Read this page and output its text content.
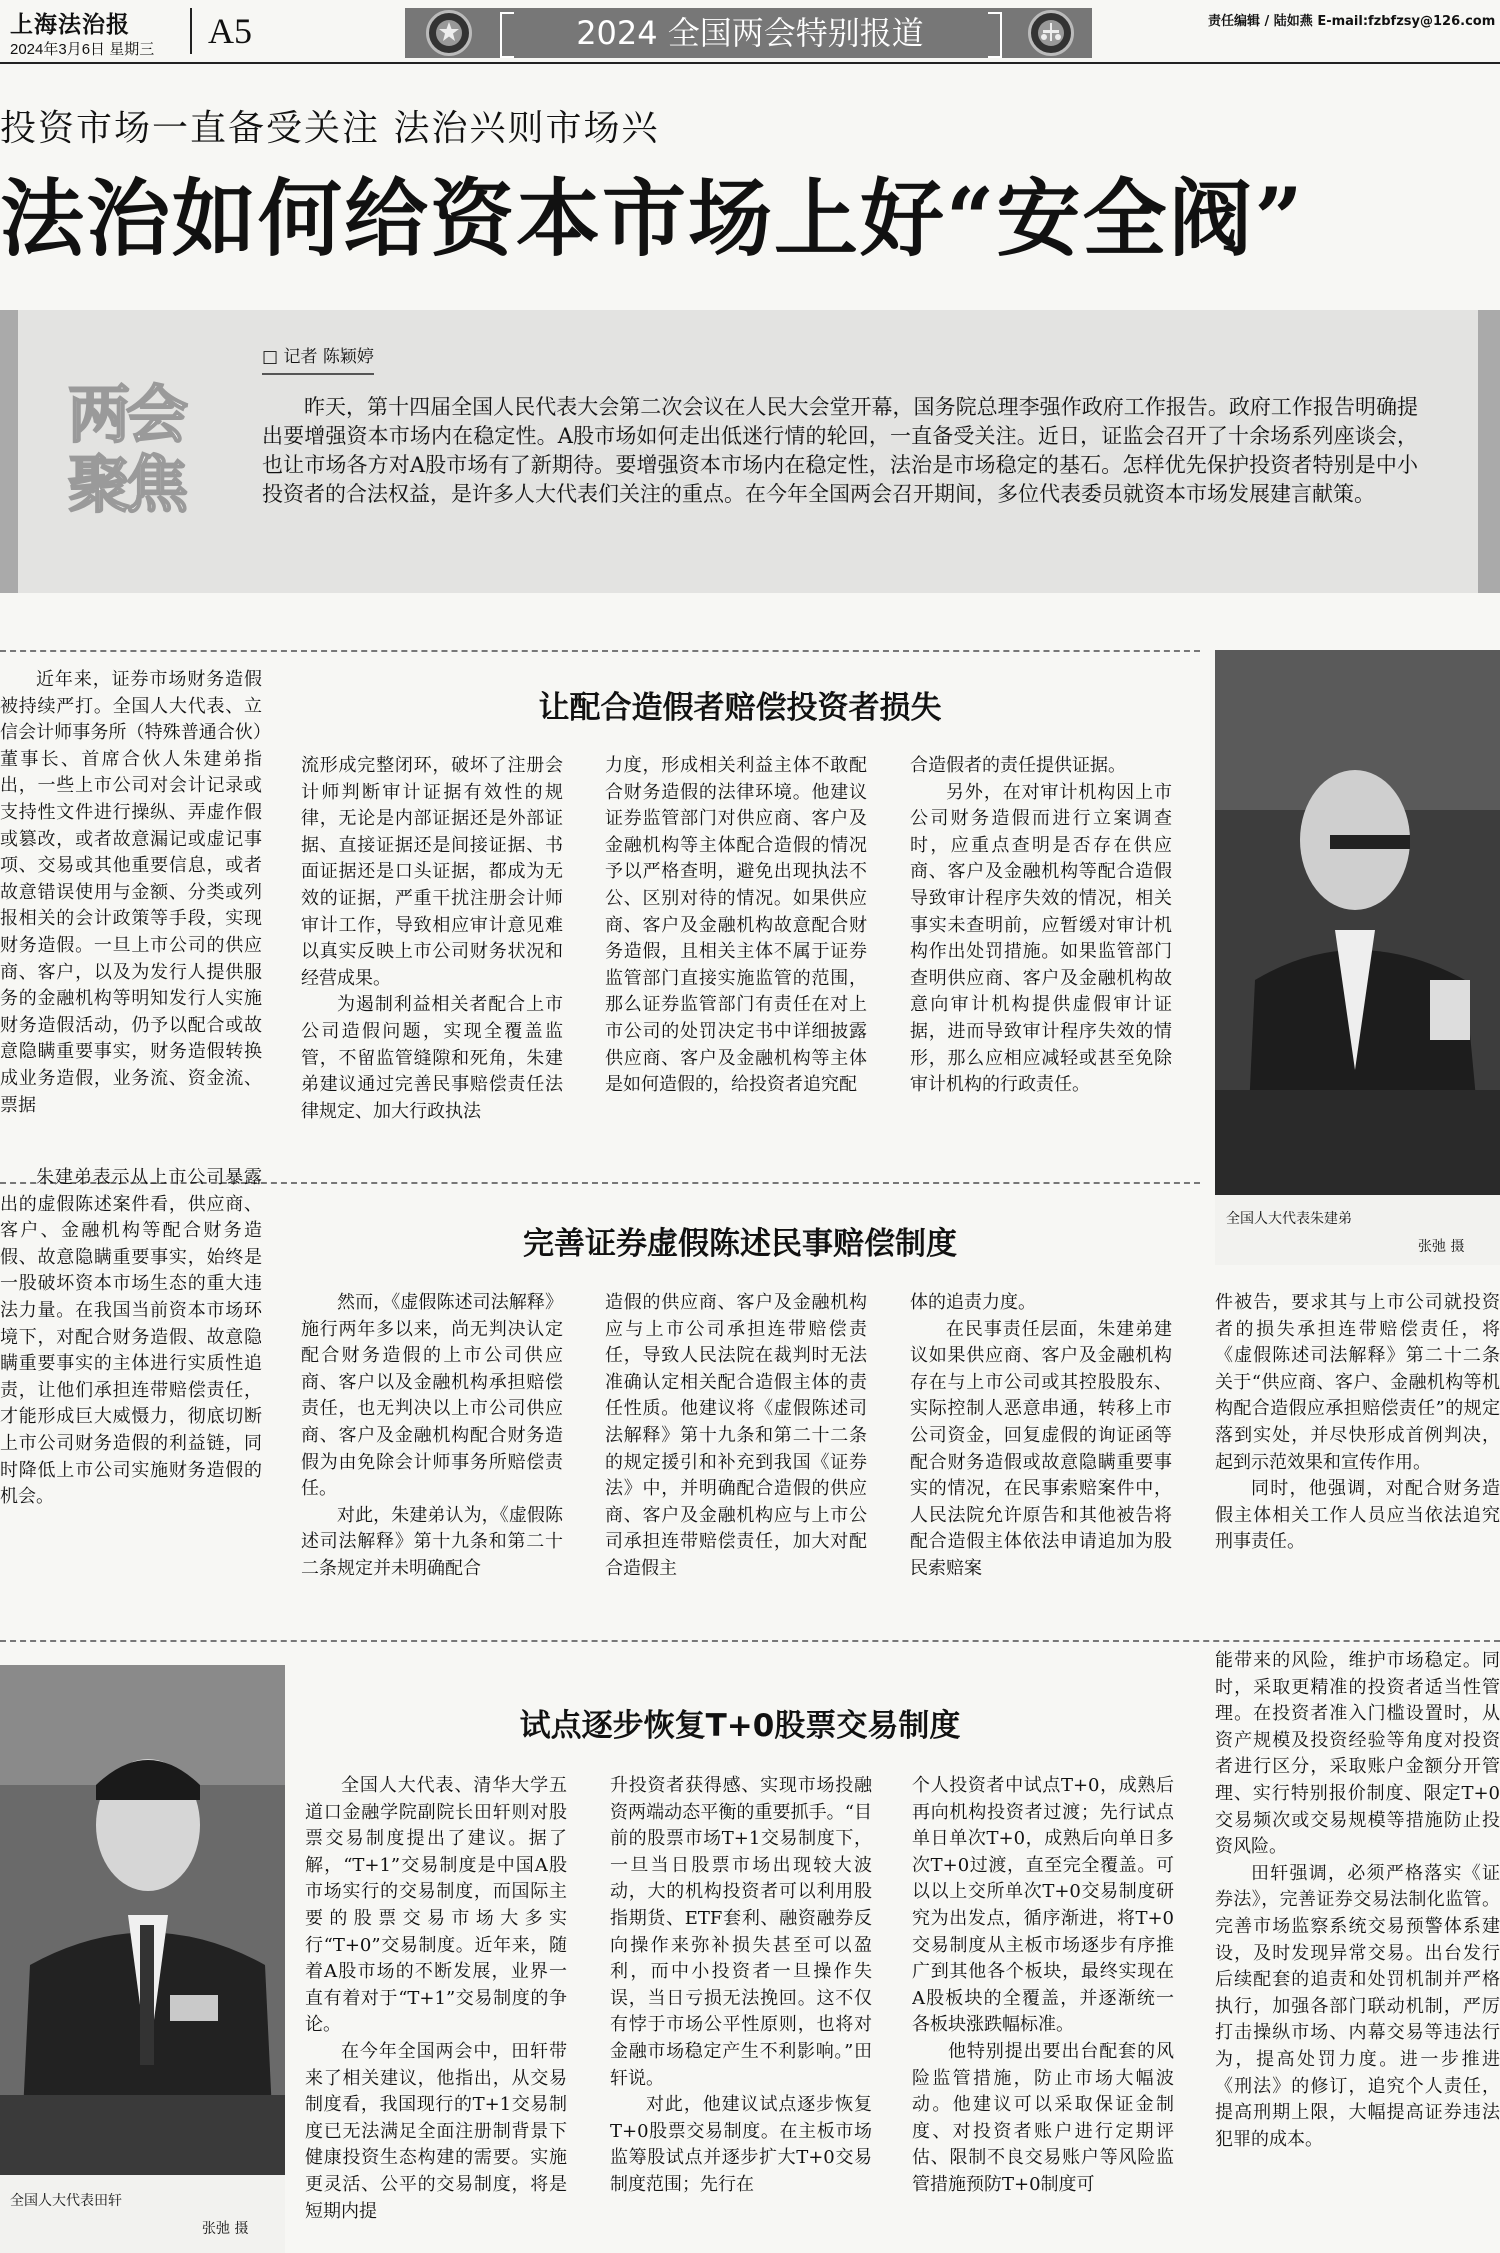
上海法治报
2024年3月6日 星期三 A5	2024 全国两会特别报道	责任编辑 / 陆如燕 E-mail:fzbfzsy@126.com
投资市场一直备受关注 法治兴则市场兴
法治如何给资本市场上好“安全阀”
两会
聚焦
□ 记者 陈颖婷
昨天，第十四届全国人民代表大会第二次会议在人民大会堂开幕，国务院总理李强作政府工作报告。政府工作报告明确提出要增强资本市场内在稳定性。A股市场如何走出低迷行情的轮回，一直备受关注。近日，证监会召开了十余场系列座谈会，也让市场各方对A股市场有了新期待。要增强资本市场内在稳定性，法治是市场稳定的基石。怎样优先保护投资者特别是中小投资者的合法权益，是许多人大代表们关注的重点。在今年全国两会召开期间，多位代表委员就资本市场发展建言献策。
让配合造假者赔偿投资者损失

近年来，证券市场财务造假被持续严打。全国人大代表、立信会计师事务所（特殊普通合伙）董事长、首席合伙人朱建弟指出，一些上市公司对会计记录或支持性文件进行操纵、弄虚作假或篡改，或者故意漏记或虚记事项、交易或其他重要信息，或者故意错误使用与金额、分类或列报相关的会计政策等手段，实现财务造假。一旦上市公司的供应商、客户，以及为发行人提供服务的金融机构等明知发行人实施财务造假活动，仍予以配合或故意隐瞒重要事实，财务造假转换成业务造假，业务流、资金流、票据

流形成完整闭环，破坏了注册会计师判断审计证据有效性的规律，无论是内部证据还是外部证据、直接证据还是间接证据、书面证据还是口头证据，都成为无效的证据，严重干扰注册会计师审计工作，导致相应审计意见难以真实反映上市公司财务状况和经营成果。

为遏制利益相关者配合上市公司造假问题，实现全覆盖监管，不留监管缝隙和死角，朱建弟建议通过完善民事赔偿责任法律规定、加大行政执法

力度，形成相关利益主体不敢配合财务造假的法律环境。他建议证券监管部门对供应商、客户及金融机构等主体配合造假的情况予以严格查明，避免出现执法不公、区别对待的情况。如果供应商、客户及金融机构故意配合财务造假，且相关主体不属于证券监管部门直接实施监管的范围，那么证券监管部门有责任在对上市公司的处罚决定书中详细披露供应商、客户及金融机构等主体是如何造假的，给投资者追究配

合造假者的责任提供证据。

另外，在对审计机构因上市公司财务造假而进行立案调查时，应重点查明是否存在供应商、客户及金融机构等配合造假导致审计程序失效的情况，相关事实未查明前，应暂缓对审计机构作出处罚措施。如果监管部门查明供应商、客户及金融机构故意向审计机构提供虚假审计证据，进而导致审计程序失效的情形，那么应相应减轻或甚至免除审计机构的行政责任。

全国人大代表朱建弟
张弛 摄
完善证券虚假陈述民事赔偿制度

朱建弟表示从上市公司暴露出的虚假陈述案件看，供应商、客户、金融机构等配合财务造假、故意隐瞒重要事实，始终是一股破坏资本市场生态的重大违法力量。在我国当前资本市场环境下，对配合财务造假、故意隐瞒重要事实的主体进行实质性追责，让他们承担连带赔偿责任，才能形成巨大威慑力，彻底切断上市公司财务造假的利益链，同时降低上市公司实施财务造假的机会。

然而，《虚假陈述司法解释》施行两年多以来，尚无判决认定配合财务造假的上市公司供应商、客户以及金融机构承担赔偿责任，也无判决以上市公司供应商、客户及金融机构配合财务造假为由免除会计师事务所赔偿责任。

对此，朱建弟认为，《虚假陈述司法解释》第十九条和第二十二条规定并未明确配合

造假的供应商、客户及金融机构应与上市公司承担连带赔偿责任，导致人民法院在裁判时无法准确认定相关配合造假主体的责任性质。他建议将《虚假陈述司法解释》第十九条和第二十二条的规定援引和补充到我国《证券法》中，并明确配合造假的供应商、客户及金融机构应与上市公司承担连带赔偿责任，加大对配合造假主

体的追责力度。

在民事责任层面，朱建弟建议如果供应商、客户及金融机构存在与上市公司或其控股股东、实际控制人恶意串通，转移上市公司资金，回复虚假的询证函等配合财务造假或故意隐瞒重要事实的情况，在民事索赔案件中，人民法院允许原告和其他被告将配合造假主体依法申请追加为股民索赔案

件被告，要求其与上市公司就投资者的损失承担连带赔偿责任，将《虚假陈述司法解释》第二十二条关于“供应商、客户、金融机构等机构配合造假应承担赔偿责任”的规定落到实处，并尽快形成首例判决，起到示范效果和宣传作用。

同时，他强调，对配合财务造假主体相关工作人员应当依法追究刑事责任。

全国人大代表田轩
张弛 摄
试点逐步恢复T+0股票交易制度

全国人大代表、清华大学五道口金融学院副院长田轩则对股票交易制度提出了建议。据了解，“T+1”交易制度是中国A股市场实行的交易制度，而国际主要的股票交易市场大多实行“T+0”交易制度。近年来，随着A股市场的不断发展，业界一直有着对于“T+1”交易制度的争论。

在今年全国两会中，田轩带来了相关建议，他指出，从交易制度看，我国现行的T+1交易制度已无法满足全面注册制背景下健康投资生态构建的需要。实施更灵活、公平的交易制度，将是短期内提

升投资者获得感、实现市场投融资两端动态平衡的重要抓手。“目前的股票市场T+1交易制度下，一旦当日股票市场出现较大波动，大的机构投资者可以利用股指期货、ETF套利、融资融券反向操作来弥补损失甚至可以盈利，而中小投资者一旦操作失误，当日亏损无法挽回。这不仅有悖于市场公平性原则，也将对金融市场稳定产生不利影响。”田轩说。

对此，他建议试点逐步恢复T+0股票交易制度。在主板市场监筹股试点并逐步扩大T+0交易制度范围；先行在

个人投资者中试点T+0，成熟后再向机构投资者过渡；先行试点单日单次T+0，成熟后向单日多次T+0过渡，直至完全覆盖。可以以上交所单次T+0交易制度研究为出发点，循序渐进，将T+0交易制度从主板市场逐步有序推广到其他各个板块，最终实现在A股板块的全覆盖，并逐渐统一各板块涨跌幅标准。

他特别提出要出台配套的风险监管措施，防止市场大幅波动。他建议可以采取保证金制度、对投资者账户进行定期评估、限制不良交易账户等风险监管措施预防T+0制度可

能带来的风险，维护市场稳定。同时，采取更精准的投资者适当性管理。在投资者准入门槛设置时，从资产规模及投资经验等角度对投资者进行区分，采取账户金额分开管理、实行特别报价制度、限定T+0交易频次或交易规模等措施防止投资风险。

田轩强调，必须严格落实《证券法》，完善证券交易法制化监管。完善市场监察系统交易预警体系建设，及时发现异常交易。出台发行后续配套的追责和处罚机制并严格执行，加强各部门联动机制，严厉打击操纵市场、内幕交易等违法行为，提高处罚力度。进一步推进《刑法》的修订，追究个人责任，提高刑期上限，大幅提高证券违法犯罪的成本。
